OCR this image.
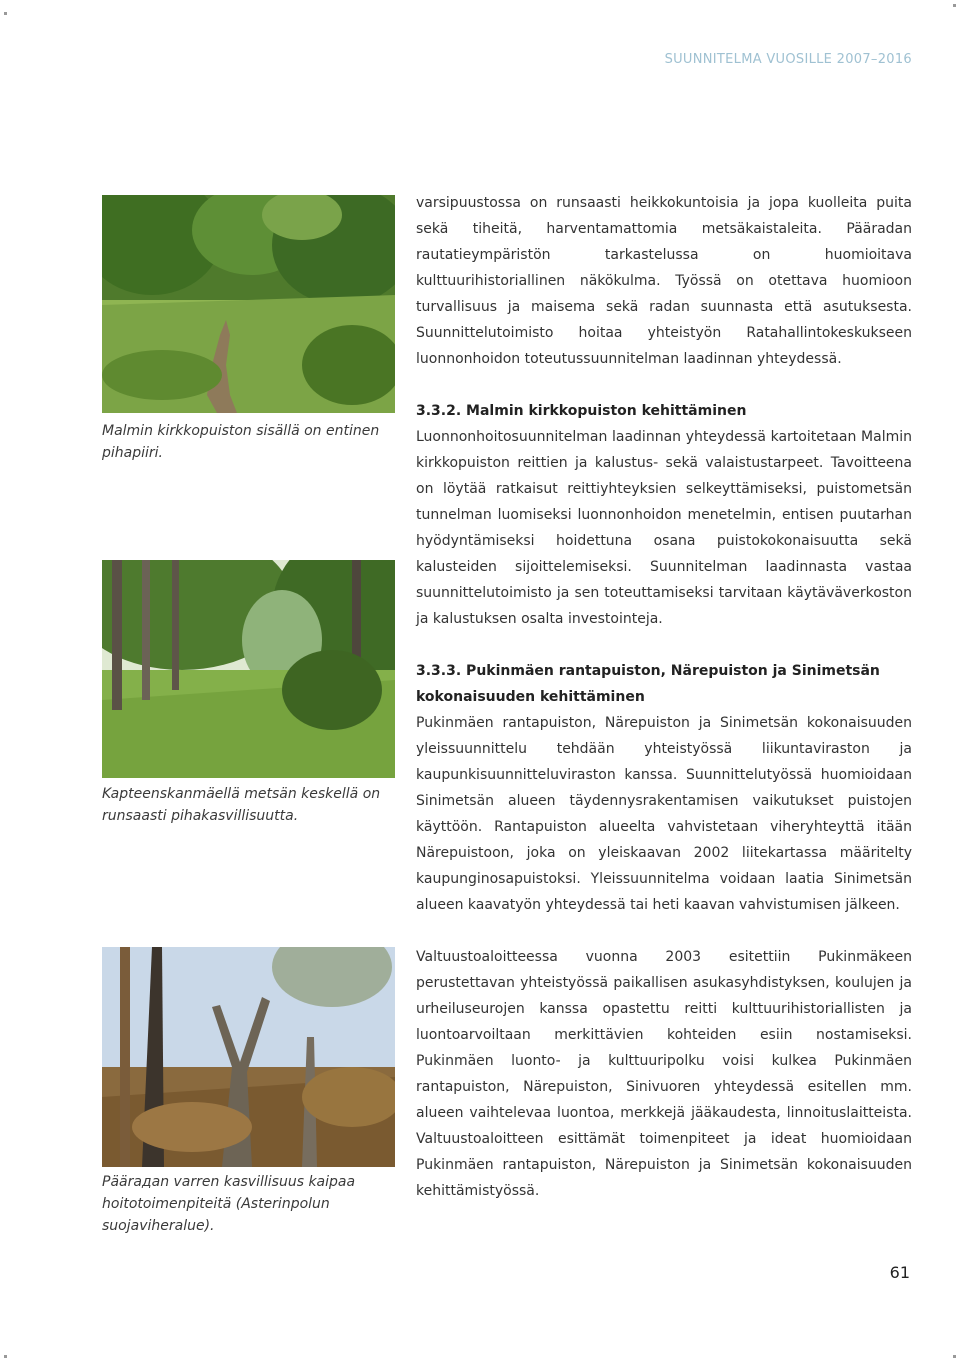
SUUNNITELMA VUOSILLE 2007–2016
Malmin kirkkopuiston sisällä on entinen pihapiiri.
Kapteenskanmäellä metsän keskellä on runsaasti pihakasvillisuutta.
Päärадan varren kasvillisuus kaipaa hoitotoimenpiteitä (Asterinpolun suojaviheralue).

varsipuustossa on runsaasti heikkokuntoisia ja jopa kuolleita puita sekä tiheitä, harventamattomia metsäkaistaleita. Pääradan rautatieympäristön tarkastelussa on huomioitava kulttuurihistoriallinen näkökulma. Työssä on otettava huomioon turvallisuus ja maisema sekä radan suunnasta että asutuksesta. Suunnittelutoimisto hoitaa yhteistyön Ratahallintokeskukseen luonnonhoidon toteutussuunnitelman laadinnan yhteydessä.

3.3.2. Malmin kirkkopuiston kehittäminen

Luonnonhoitosuunnitelman laadinnan yhteydessä kartoitetaan Malmin kirkkopuiston reittien ja kalustus- sekä valaistustarpeet. Tavoitteena on löytää ratkaisut reittiyhteyksien selkeyttämiseksi, puistometsän tunnelman luomiseksi luonnonhoidon menetelmin, entisen puutarhan hyödyntämiseksi hoidettuna osana puistokokonaisuutta sekä kalusteiden sijoittelemiseksi. Suunnitelman laadinnasta vastaa suunnittelutoimisto ja sen toteuttamiseksi tarvitaan käytäväverkoston ja kalustuksen osalta investointeja.

3.3.3. Pukinmäen rantapuiston, Närepuiston ja Sinimetsän kokonaisuuden kehittäminen

Pukinmäen rantapuiston, Närepuiston ja Sinimetsän kokonaisuuden yleissuunnittelu tehdään yhteistyössä liikuntaviraston ja kaupunkisuunnitteluviraston kanssa. Suunnittelutyössä huomioidaan Sinimetsän alueen täydennysrakentamisen vaikutukset puistojen käyttöön. Rantapuiston alueelta vahvistetaan viheryhteyttä itään Närepuistoon, joka on yleiskaavan 2002 liitekartassa määritelty kaupunginosapuistoksi. Yleissuunnitelma voidaan laatia Sinimetsän alueen kaavatyön yhteydessä tai heti kaavan vahvistumisen jälkeen.

Valtuustoaloitteessa vuonna 2003 esitettiin Pukinmäkeen perustettavan yhteistyössä paikallisen asukasyhdistyksen, koulujen ja urheiluseurojen kanssa opastettu reitti kulttuurihistoriallisten ja luontoarvoiltaan merkittävien kohteiden esiin nostamiseksi. Pukinmäen luonto- ja kulttuuripolku voisi kulkea Pukinmäen rantapuiston, Närepuiston, Sinivuoren yhteydessä esitellen mm. alueen vaihtelevaa luontoa, merkkejä jääkaudesta, linnoituslaitteista. Valtuustoaloitteen esittämät toimenpiteet ja ideat huomioidaan Pukinmäen rantapuiston, Närepuiston ja Sinimetsän kokonaisuuden kehittämistyössä.

61
